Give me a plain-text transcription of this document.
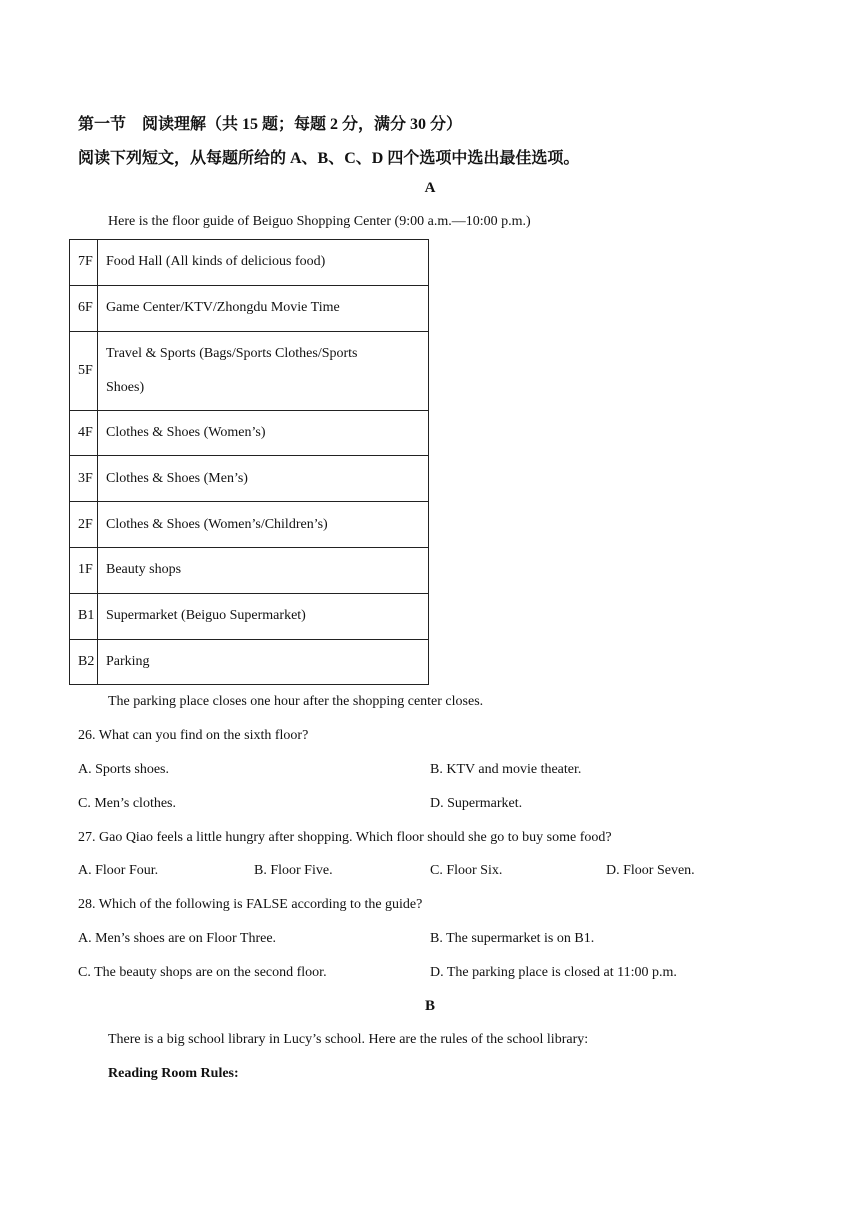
第一节　阅读理解（共 15 题；每题 2 分，满分 30 分）
阅读下列短文，从每题所给的 A、B、C、D 四个选项中选出最佳选项。
A
Here is the floor guide of Beiguo Shopping Center (9:00 a.m.—10:00 p.m.)
7F	Food Hall (All kinds of delicious food)
6F	Game Center/KTV/Zhongdu Movie Time
5F	Travel & Sports (Bags/Sports Clothes/Sports
Shoes)

4F	Clothes & Shoes (Women’s)
3F	Clothes & Shoes (Men’s)
2F	Clothes & Shoes (Women’s/Children’s)
1F	Beauty shops
B1	Supermarket (Beiguo Supermarket)
B2	Parking
The parking place closes one hour after the shopping center closes.
26. What can you find on the sixth floor?
A. Sports shoes.	B. KTV and movie theater.
C. Men’s clothes.	D. Supermarket.
27. Gao Qiao feels a little hungry after shopping. Which floor should she go to buy some food?
A. Floor Four.	B. Floor Five.	C. Floor Six.	D. Floor Seven.
28. Which of the following is FALSE according to the guide?
A. Men’s shoes are on Floor Three.	B. The supermarket is on B1.
C. The beauty shops are on the second floor.	D. The parking place is closed at 11:00 p.m.
B
There is a big school library in Lucy’s school. Here are the rules of the school library:
Reading Room Rules:
